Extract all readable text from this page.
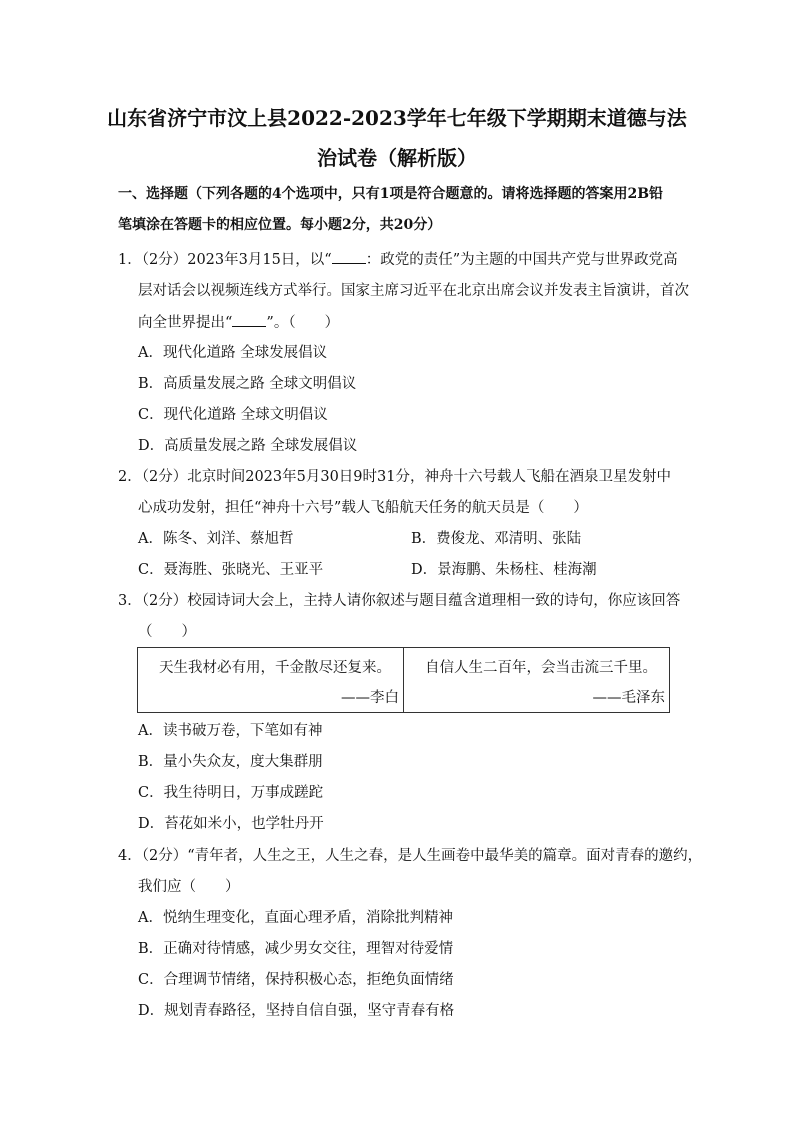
山东省济宁市汶上县2022-2023学年七年级下学期期末道德与法
治试卷（解析版）
一、选择题（下列各题的4个选项中，只有1项是符合题意的。请将选择题的答案用2B铅
笔填涂在答题卡的相应位置。每小题2分，共20分）
1．（2分）2023年3月15日，以“ ：政党的责任”为主题的中国共产党与世界政党高
层对话会以视频连线方式举行。国家主席习近平在北京出席会议并发表主旨演讲，首次
向全世界提出“ ”。（　　）
A．现代化道路 全球发展倡议
B．高质量发展之路 全球文明倡议
C．现代化道路 全球文明倡议
D．高质量发展之路 全球发展倡议
2．（2分）北京时间2023年5月30日9时31分，神舟十六号载人飞船在酒泉卫星发射中
心成功发射，担任“神舟十六号”载人飞船航天任务的航天员是（　　）
A．陈冬、刘洋、蔡旭哲	B．费俊龙、邓清明、张陆
C．聂海胜、张晓光、王亚平	D．景海鹏、朱杨柱、桂海潮
3．（2分）校园诗词大会上，主持人请你叙述与题目蕴含道理相一致的诗句，你应该回答
（　　）
天生我材必有用，千金散尽还复来。
——李白
自信人生二百年，会当击流三千里。
——毛泽东
A．读书破万卷，下笔如有神
B．量小失众友，度大集群朋
C．我生待明日，万事成蹉跎
D．苔花如米小，也学牡丹开
4．（2分）“青年者，人生之王，人生之春，是人生画卷中最华美的篇章。面对青春的邀约，
我们应（　　）
A．悦纳生理变化，直面心理矛盾，消除批判精神
B．正确对待情感，减少男女交往，理智对待爱情
C．合理调节情绪，保持积极心态，拒绝负面情绪
D．规划青春路径，坚持自信自强，坚守青春有格
